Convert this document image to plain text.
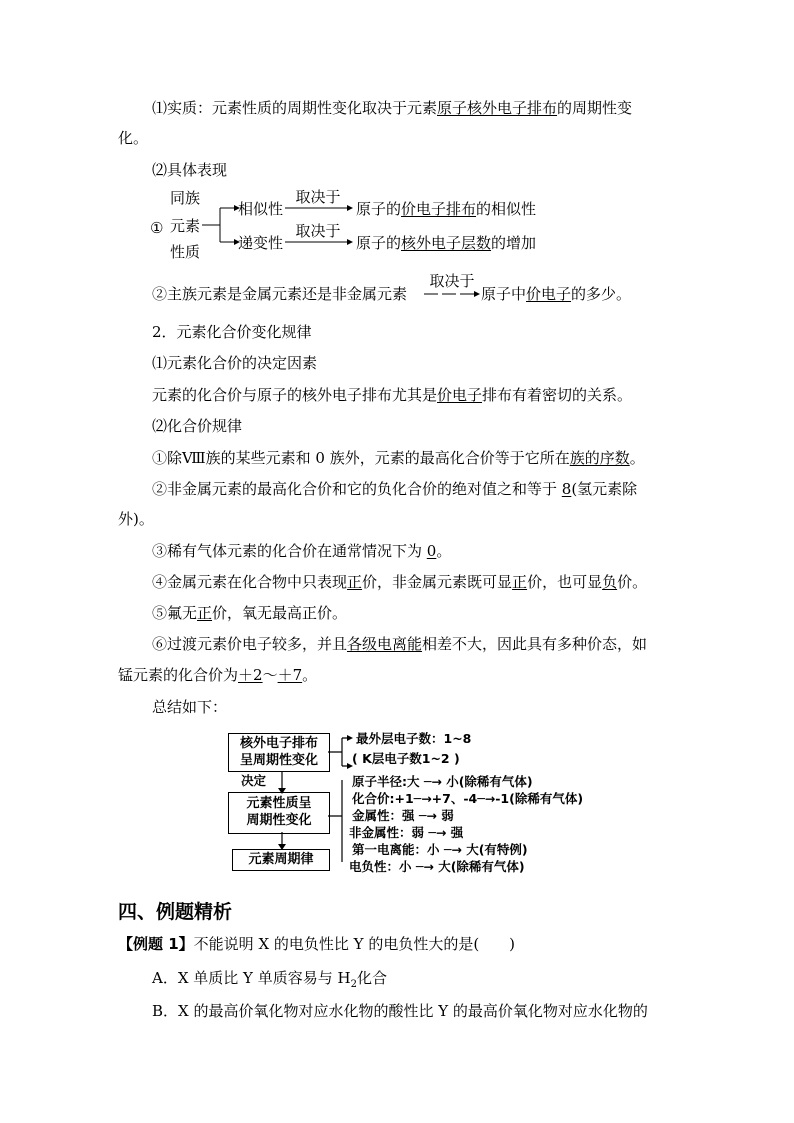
⑴实质：元素性质的周期性变化取决于元素原子核外电子排布的周期性变
化。
⑵具体表现
①
同族
元素
性质
相似性
取决于
原子的价电子排布的相似性
递变性
取决于
原子的核外电子层数的增加
②主族元素是金属元素还是非金属元素
取决于
原子中价电子的多少。
2．元素化合价变化规律
⑴元素化合价的决定因素
元素的化合价与原子的核外电子排布尤其是价电子排布有着密切的关系。
⑵化合价规律
①除Ⅷ族的某些元素和 0 族外，元素的最高化合价等于它所在族的序数。
②非金属元素的最高化合价和它的负化合价的绝对值之和等于 8(氢元素除
外)。
③稀有气体元素的化合价在通常情况下为 0。
④金属元素在化合物中只表现正价，非金属元素既可显正价，也可显负价。
⑤氟无正价，氧无最高正价。
⑥过渡元素价电子较多，并且各级电离能相差不大，因此具有多种价态，如
锰元素的化合价为＋2～＋7。
总结如下：
核外电子排布
呈周期性变化
元素性质呈
周期性变化
元素周期律
决定
最外层电子数：1~8
( K层电子数1~2 )
原子半径:大 ─→ 小(除稀有气体)
化合价:+1─→+7、-4─→-1(除稀有气体)
金属性：强 ─→ 弱
非金属性：弱 ─→ 强
第一电离能：小 ─→ 大(有特例)
电负性：小 ─→ 大(除稀有气体)
四、例题精析
【例题 1】不能说明 X 的电负性比 Y 的电负性大的是(　　)
A．X 单质比 Y 单质容易与 $H_2$化合
B．X 的最高价氧化物对应水化物的酸性比 Y 的最高价氧化物对应水化物的
